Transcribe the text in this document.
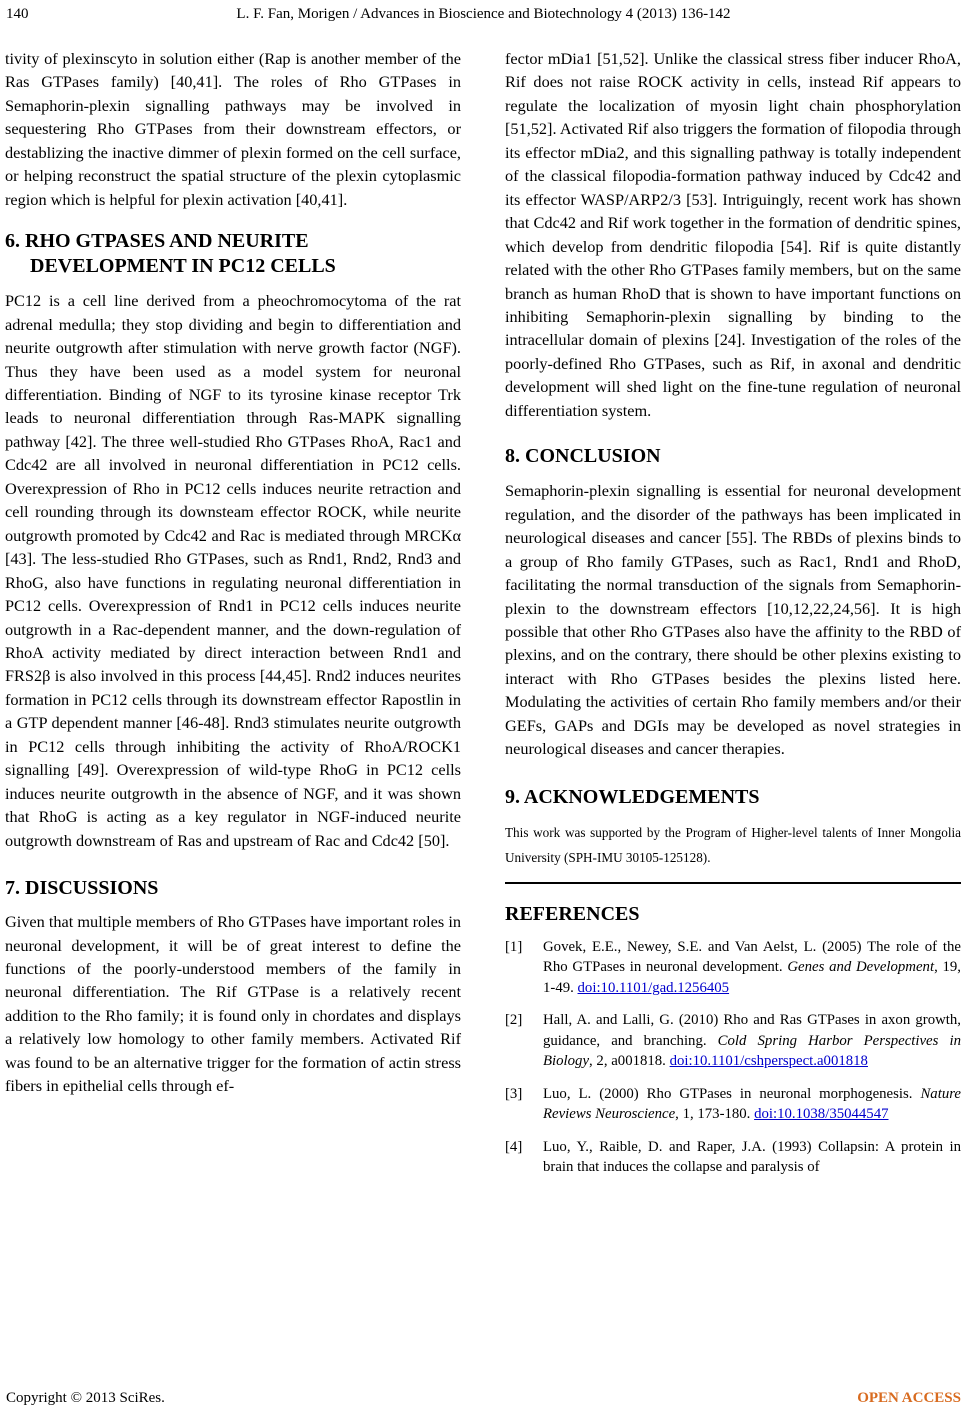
140	L. F. Fan, Morigen / Advances in Bioscience and Biotechnology 4 (2013) 136-142

tivity of plexinscyto in solution either (Rap is another member of the Ras GTPases family) [40,41]. The roles of Rho GTPases in Semaphorin-plexin signalling pathways may be involved in sequestering Rho GTPases from their downstream effectors, or destablizing the inactive dimmer of plexin formed on the cell surface, or helping reconstruct the spatial structure of the plexin cytoplasmic region which is helpful for plexin activation [40,41].

6. RHO GTPASES AND NEURITE DEVELOPMENT IN PC12 CELLS

PC12 is a cell line derived from a pheochromocytoma of the rat adrenal medulla; they stop dividing and begin to differentiation and neurite outgrowth after stimulation with nerve growth factor (NGF). Thus they have been used as a model system for neuronal differentiation. Binding of NGF to its tyrosine kinase receptor Trk leads to neuronal differentiation through Ras-MAPK signalling pathway [42]. The three well-studied Rho GTPases RhoA, Rac1 and Cdc42 are all involved in neuronal differentiation in PC12 cells. Overexpression of Rho in PC12 cells induces neurite retraction and cell rounding through its downsteam effector ROCK, while neurite outgrowth promoted by Cdc42 and Rac is mediated through MRCKα [43]. The less-studied Rho GTPases, such as Rnd1, Rnd2, Rnd3 and RhoG, also have functions in regulating neuronal differentiation in PC12 cells. Overexpression of Rnd1 in PC12 cells induces neurite outgrowth in a Rac-dependent manner, and the down-regulation of RhoA activity mediated by direct interaction between Rnd1 and FRS2β is also involved in this process [44,45]. Rnd2 induces neurites formation in PC12 cells through its downstream effector Rapostlin in a GTP dependent manner [46-48]. Rnd3 stimulates neurite outgrowth in PC12 cells through inhibiting the activity of RhoA/ROCK1 signalling [49]. Overexpression of wild-type RhoG in PC12 cells induces neurite outgrowth in the absence of NGF, and it was shown that RhoG is acting as a key regulator in NGF-induced neurite outgrowth downstream of Ras and upstream of Rac and Cdc42 [50].

7. DISCUSSIONS

Given that multiple members of Rho GTPases have important roles in neuronal development, it will be of great interest to define the functions of the poorly-understood members of the family in neuronal differentiation. The Rif GTPase is a relatively recent addition to the Rho family; it is found only in chordates and displays a relatively low homology to other family members. Activated Rif was found to be an alternative trigger for the formation of actin stress fibers in epithelial cells through ef-

fector mDia1 [51,52]. Unlike the classical stress fiber inducer RhoA, Rif does not raise ROCK activity in cells, instead Rif appears to regulate the localization of myosin light chain phosphorylation [51,52]. Activated Rif also triggers the formation of filopodia through its effector mDia2, and this signalling pathway is totally independent of the classical filopodia-formation pathway induced by Cdc42 and its effector WASP/ARP2/3 [53]. Intriguingly, recent work has shown that Cdc42 and Rif work together in the formation of dendritic spines, which develop from dendritic filopodia [54]. Rif is quite distantly related with the other Rho GTPases family members, but on the same branch as human RhoD that is shown to have important functions on inhibiting Semaphorin-plexin signalling by binding to the intracellular domain of plexins [24]. Investigation of the roles of the poorly-defined Rho GTPases, such as Rif, in axonal and dendritic development will shed light on the fine-tune regulation of neuronal differentiation system.

8. CONCLUSION

Semaphorin-plexin signalling is essential for neuronal development regulation, and the disorder of the pathways has been implicated in neurological diseases and cancer [55]. The RBDs of plexins binds to a group of Rho family GTPases, such as Rac1, Rnd1 and RhoD, facilitating the normal transduction of the signals from Semaphorin-plexin to the downstream effectors [10,12,22,24,56]. It is high possible that other Rho GTPases also have the affinity to the RBD of plexins, and on the contrary, there should be other plexins existing to interact with Rho GTPases besides the plexins listed here. Modulating the activities of certain Rho family members and/or their GEFs, GAPs and DGIs may be developed as novel strategies in neurological diseases and cancer therapies.

9. ACKNOWLEDGEMENTS

This work was supported by the Program of Higher-level talents of Inner Mongolia University (SPH-IMU 30105-125128).

REFERENCES
[1]	Govek, E.E., Newey, S.E. and Van Aelst, L. (2005) The role of the Rho GTPases in neuronal development. Genes and Development, 19, 1-49. doi:10.1101/gad.1256405
[2]	Hall, A. and Lalli, G. (2010) Rho and Ras GTPases in axon growth, guidance, and branching. Cold Spring Harbor Perspectives in Biology, 2, a001818. doi:10.1101/cshperspect.a001818
[3]	Luo, L. (2000) Rho GTPases in neuronal morphogenesis. Nature Reviews Neuroscience, 1, 173-180. doi:10.1038/35044547
[4]	Luo, Y., Raible, D. and Raper, J.A. (1993) Collapsin: A protein in brain that induces the collapse and paralysis of
Copyright © 2013 SciRes.	OPEN ACCESS
